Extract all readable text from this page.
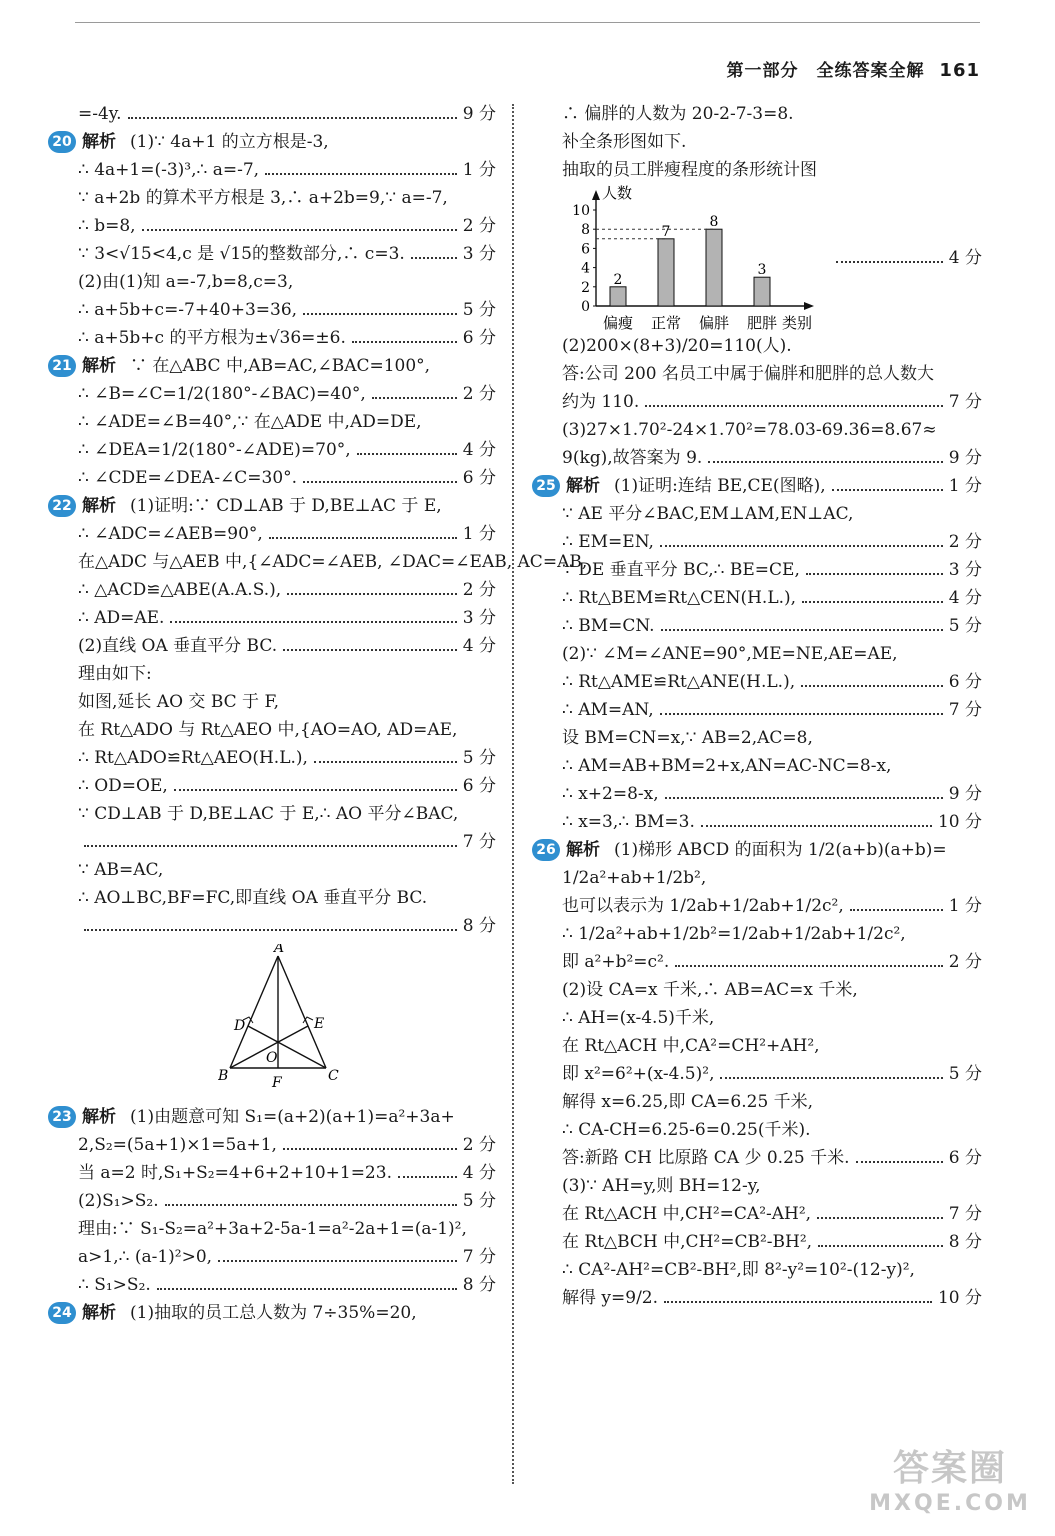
第一部分　全练答案全解 161
=-4y.	9 分
20 解析 (1)∵ 4a+1 的立方根是-3,
∴ 4a+1=(-3)³,∴ a=-7,	1 分
∵ a+2b 的算术平方根是 3,∴ a+2b=9,∵ a=-7,
∴ b=8,	2 分
∵ 3<√15<4,c 是 √15的整数部分,∴ c=3.	3 分
(2)由(1)知 a=-7,b=8,c=3,
∴ a+5b+c=-7+40+3=36,	5 分
∴ a+5b+c 的平方根为±√36=±6.	6 分
21 解析 ∵ 在△ABC 中,AB=AC,∠BAC=100°,
∴ ∠B=∠C=1/2(180°-∠BAC)=40°,	2 分
∴ ∠ADE=∠B=40°,∵ 在△ADE 中,AD=DE,
∴ ∠DEA=1/2(180°-∠ADE)=70°,	4 分
∴ ∠CDE=∠DEA-∠C=30°.	6 分
22 解析 (1)证明:∵ CD⊥AB 于 D,BE⊥AC 于 E,
∴ ∠ADC=∠AEB=90°,	1 分
在△ADC 与△AEB 中,{∠ADC=∠AEB, ∠DAC=∠EAB, AC=AB,
∴ △ACD≌△ABE(A.A.S.),	2 分
∴ AD=AE.	3 分
(2)直线 OA 垂直平分 BC.	4 分
理由如下:
如图,延长 AO 交 BC 于 F,
在 Rt△ADO 与 Rt△AEO 中,{AO=AO, AD=AE,
∴ Rt△ADO≌Rt△AEO(H.L.),	5 分
∴ OD=OE,	6 分
∵ CD⊥AB 于 D,BE⊥AC 于 E,∴ AO 平分∠BAC,
7 分
∵ AB=AC,
∴ AO⊥BC,BF=FC,即直线 OA 垂直平分 BC.
8 分
A
D	E
O
B	F	C
23 解析 (1)由题意可知 S₁=(a+2)(a+1)=a²+3a+
2,S₂=(5a+1)×1=5a+1,	2 分
当 a=2 时,S₁+S₂=4+6+2+10+1=23.	4 分
(2)S₁>S₂.	5 分
理由:∵ S₁-S₂=a²+3a+2-5a-1=a²-2a+1=(a-1)²,
a>1,∴ (a-1)²>0,	7 分
∴ S₁>S₂.	8 分
24 解析 (1)抽取的员工总人数为 7÷35%=20,
∴ 偏胖的人数为 20-2-7-3=8.
补全条形图如下.
抽取的员工胖瘦程度的条形统计图
人数
类别
0
2
4
6
8
10
2
偏瘦
7
正常
8
偏胖
3
肥胖
4 分
(2)200×(8+3)/20=110(人).
答:公司 200 名员工中属于偏胖和肥胖的总人数大
约为 110.	7 分
(3)27×1.70²-24×1.70²=78.03-69.36=8.67≈
9(kg),故答案为 9.	9 分
25 解析 (1)证明:连结 BE,CE(图略),	1 分
∵ AE 平分∠BAC,EM⊥AM,EN⊥AC,
∴ EM=EN,	2 分
∵ DE 垂直平分 BC,∴ BE=CE,	3 分
∴ Rt△BEM≌Rt△CEN(H.L.),	4 分
∴ BM=CN.	5 分
(2)∵ ∠M=∠ANE=90°,ME=NE,AE=AE,
∴ Rt△AME≌Rt△ANE(H.L.),	6 分
∴ AM=AN,	7 分
设 BM=CN=x,∵ AB=2,AC=8,
∴ AM=AB+BM=2+x,AN=AC-NC=8-x,
∴ x+2=8-x,	9 分
∴ x=3,∴ BM=3.	10 分
26 解析 (1)梯形 ABCD 的面积为 1/2(a+b)(a+b)=
1/2a²+ab+1/2b²,
也可以表示为 1/2ab+1/2ab+1/2c²,	1 分
∴ 1/2a²+ab+1/2b²=1/2ab+1/2ab+1/2c²,
即 a²+b²=c².	2 分
(2)设 CA=x 千米,∴ AB=AC=x 千米,
∴ AH=(x-4.5)千米,
在 Rt△ACH 中,CA²=CH²+AH²,
即 x²=6²+(x-4.5)²,	5 分
解得 x=6.25,即 CA=6.25 千米,
∴ CA-CH=6.25-6=0.25(千米).
答:新路 CH 比原路 CA 少 0.25 千米.	6 分
(3)∵ AH=y,则 BH=12-y,
在 Rt△ACH 中,CH²=CA²-AH²,	7 分
在 Rt△BCH 中,CH²=CB²-BH²,	8 分
∴ CA²-AH²=CB²-BH²,即 8²-y²=10²-(12-y)²,
解得 y=9/2.	10 分
答案圈
MXQE.COM
